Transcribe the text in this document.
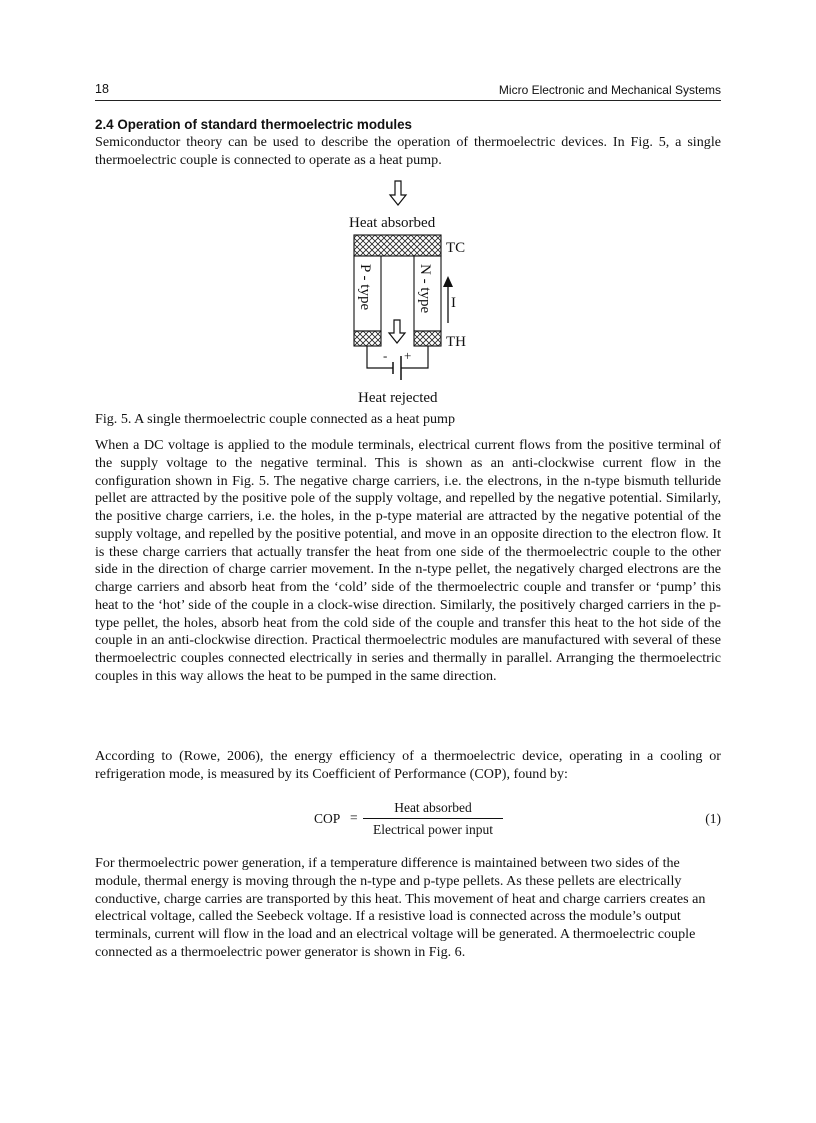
18	Micro Electronic and Mechanical Systems
2.4 Operation of standard thermoelectric modules

Semiconductor theory can be used to describe the operation of thermoelectric devices. In Fig. 5, a single thermoelectric couple is connected to operate as a heat pump.

Heat absorbed
TC
P - type	N - type I
TH
- +
Heat rejected

Fig. 5. A single thermoelectric couple connected as a heat pump

When a DC voltage is applied to the module terminals, electrical current flows from the positive terminal of the supply voltage to the negative terminal. This is shown as an anti-clockwise current flow in the configuration shown in Fig. 5. The negative charge carriers, i.e. the electrons, in the n-type bismuth telluride pellet are attracted by the positive pole of the supply voltage, and repelled by the negative potential. Similarly, the positive charge carriers, i.e. the holes, in the p-type material are attracted by the negative potential of the supply voltage, and repelled by the positive potential, and move in an opposite direction to the electron flow. It is these charge carriers that actually transfer the heat from one side of the thermoelectric couple to the other side in the direction of charge carrier movement. In the n-type pellet, the negatively charged electrons are the charge carriers and absorb heat from the ‘cold’ side of the thermoelectric couple and transfer or ‘pump’ this heat to the ‘hot’ side of the couple in a clock-wise direction. Similarly, the positively charged carriers in the p-type pellet, the holes, absorb heat from the cold side of the couple and transfer this heat to the hot side of the couple in an anti-clockwise direction. Practical thermoelectric modules are manufactured with several of these thermoelectric couples connected electrically in series and thermally in parallel. Arranging the thermoelectric couples in this way allows the heat to be pumped in the same direction.

According to (Rowe, 2006), the energy efficiency of a thermoelectric device, operating in a cooling or refrigeration mode, is measured by its Coefficient of Performance (COP), found by:

COP =
Heat absorbed
Electrical power input
(1)

For thermoelectric power generation, if a temperature difference is maintained between two sides of the module, thermal energy is moving through the n-type and p-type pellets. As these pellets are electrically conductive, charge carries are transported by this heat. This movement of heat and charge carriers creates an electrical voltage, called the Seebeck voltage. If a resistive load is connected across the module’s output terminals, current will flow in the load and an electrical voltage will be generated. A thermoelectric couple connected as a thermoelectric power generator is shown in Fig. 6.
